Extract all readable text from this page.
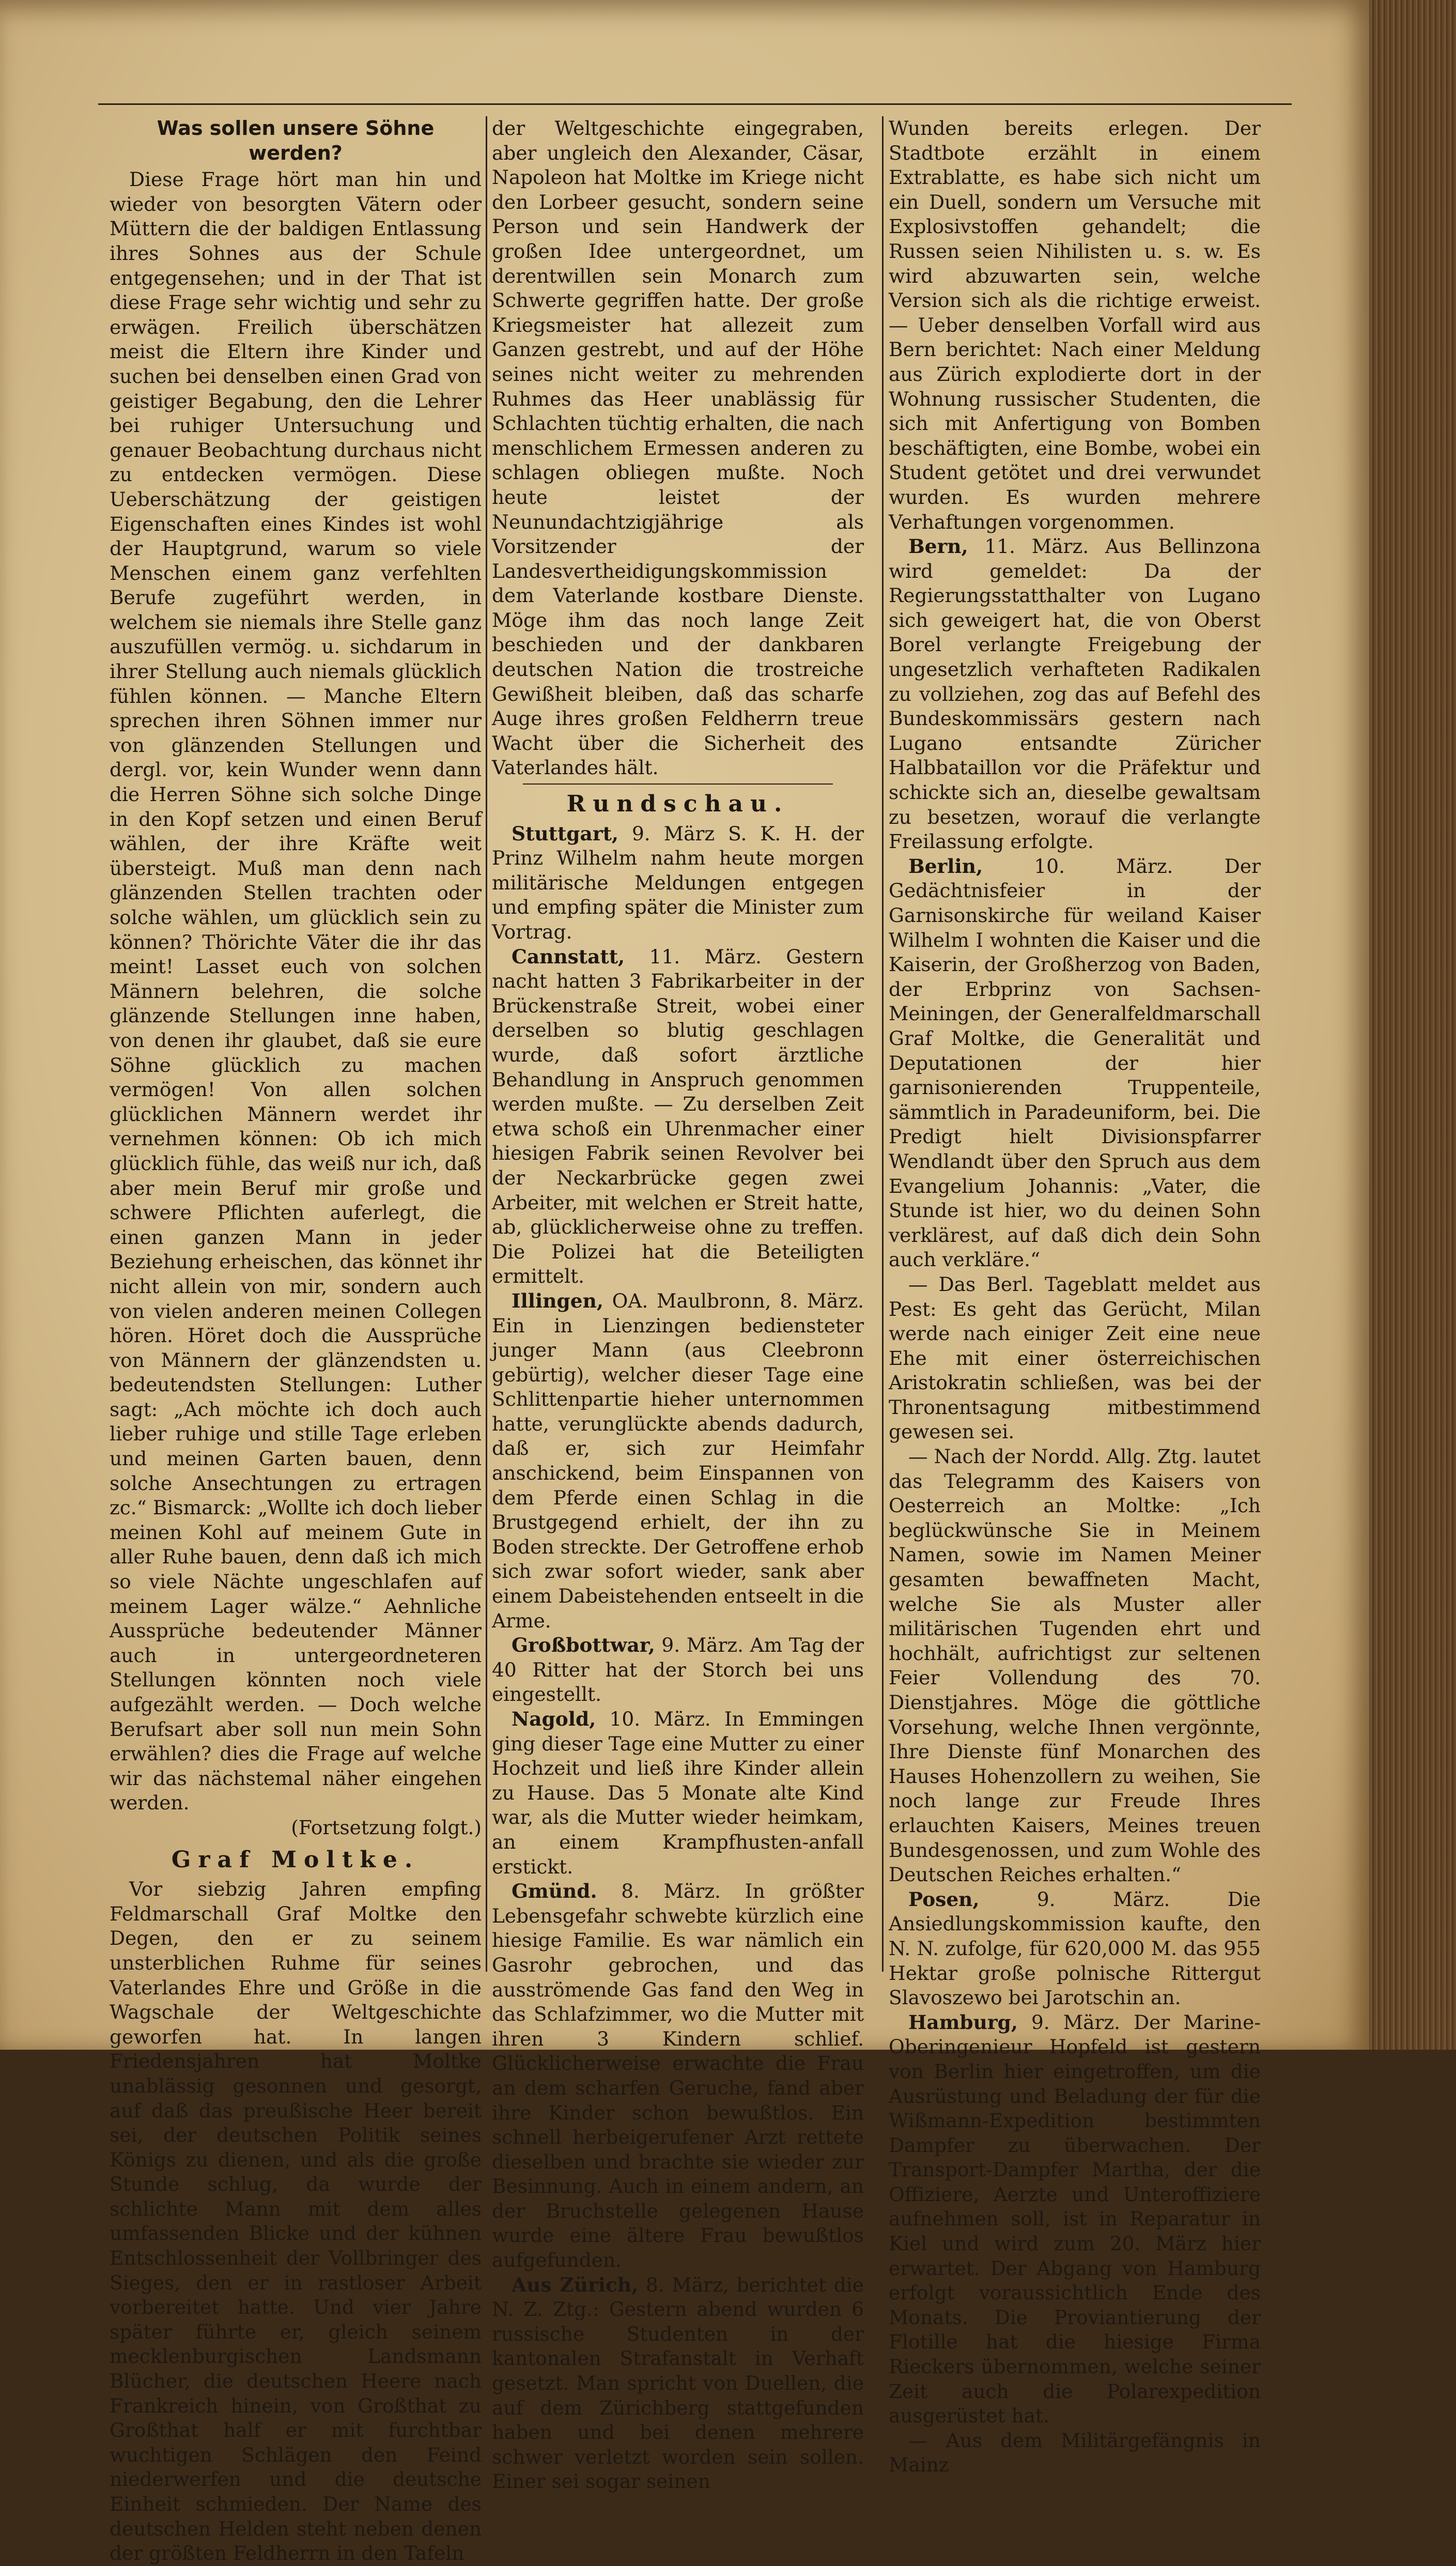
Was sollen unsere Söhne werden?

Diese Frage hört man hin und wieder von besorgten Vätern oder Müttern die der baldigen Entlassung ihres Sohnes aus der Schule entgegensehen; und in der That ist diese Frage sehr wichtig und sehr zu erwägen. Freilich überschätzen meist die Eltern ihre Kinder und suchen bei denselben einen Grad von geistiger Begabung, den die Lehrer bei ruhiger Untersuchung und genauer Beobachtung durchaus nicht zu entdecken vermögen. Diese Ueberschätzung der geistigen Eigenschaften eines Kindes ist wohl der Hauptgrund, warum so viele Menschen einem ganz verfehlten Berufe zugeführt werden, in welchem sie niemals ihre Stelle ganz auszufüllen vermög. u. sichdarum in ihrer Stellung auch niemals glücklich fühlen können. — Manche Eltern sprechen ihren Söhnen immer nur von glänzenden Stellungen und dergl. vor, kein Wunder wenn dann die Herren Söhne sich solche Dinge in den Kopf setzen und einen Beruf wählen, der ihre Kräfte weit übersteigt. Muß man denn nach glänzenden Stellen trachten oder solche wählen, um glücklich sein zu können? Thörichte Väter die ihr das meint! Lasset euch von solchen Männern belehren, die solche glänzende Stellungen inne haben, von denen ihr glaubet, daß sie eure Söhne glücklich zu machen vermögen! Von allen solchen glücklichen Männern werdet ihr vernehmen können: Ob ich mich glücklich fühle, das weiß nur ich, daß aber mein Beruf mir große und schwere Pflichten auferlegt, die einen ganzen Mann in jeder Beziehung erheischen, das könnet ihr nicht allein von mir, sondern auch von vielen anderen meinen Collegen hören. Höret doch die Aussprüche von Männern der glänzendsten u. bedeutendsten Stellungen: Luther sagt: „Ach möchte ich doch auch lieber ruhige und stille Tage erleben und meinen Garten bauen, denn solche Ansechtungen zu ertragen zc.“ Bismarck: „Wollte ich doch lieber meinen Kohl auf meinem Gute in aller Ruhe bauen, denn daß ich mich so viele Nächte ungeschlafen auf meinem Lager wälze.“ Aehnliche Aussprüche bedeutender Männer auch in untergeordneteren Stellungen könnten noch viele aufgezählt werden. — Doch welche Berufsart aber soll nun mein Sohn erwählen? dies die Frage auf welche wir das nächstemal näher eingehen werden.

(Fortsetzung folgt.)

Graf Moltke.

Vor siebzig Jahren empfing Feldmarschall Graf Moltke den Degen, den er zu seinem unsterblichen Ruhme für seines Vaterlandes Ehre und Größe in die Wagschale der Weltgeschichte geworfen hat. In langen Friedensjahren hat Moltke unablässig gesonnen und gesorgt, auf daß das preußische Heer bereit sei, der deutschen Politik seines Königs zu dienen, und als die große Stunde schlug, da wurde der schlichte Mann mit dem alles umfassenden Blicke und der kühnen Entschlossenheit der Vollbringer des Sieges, den er in rastloser Arbeit vorbereitet hatte. Und vier Jahre später führte er, gleich seinem mecklenburgischen Landsmann Blücher, die deutschen Heere nach Frankreich hinein, von Großthat zu Großthat half er mit furchtbar wuchtigen Schlägen den Feind niederwerfen und die deutsche Einheit schmieden. Der Name des deutschen Helden steht neben denen der größten Feldherrn in den Tafeln

der Weltgeschichte eingegraben, aber ungleich den Alexander, Cäsar, Napoleon hat Moltke im Kriege nicht den Lorbeer gesucht, sondern seine Person und sein Handwerk der großen Idee untergeordnet, um derentwillen sein Monarch zum Schwerte gegriffen hatte. Der große Kriegsmeister hat allezeit zum Ganzen gestrebt, und auf der Höhe seines nicht weiter zu mehrenden Ruhmes das Heer unablässig für Schlachten tüchtig erhalten, die nach menschlichem Ermessen anderen zu schlagen obliegen mußte. Noch heute leistet der Neunundachtzigjährige als Vorsitzender der Landesvertheidigungskommission dem Vaterlande kostbare Dienste. Möge ihm das noch lange Zeit beschieden und der dankbaren deutschen Nation die trostreiche Gewißheit bleiben, daß das scharfe Auge ihres großen Feldherrn treue Wacht über die Sicherheit des Vaterlandes hält.

Rundschau.

Stuttgart, 9. März S. K. H. der Prinz Wilhelm nahm heute morgen militärische Meldungen entgegen und empfing später die Minister zum Vortrag.

Cannstatt, 11. März. Gestern nacht hatten 3 Fabrikarbeiter in der Brückenstraße Streit, wobei einer derselben so blutig geschlagen wurde, daß sofort ärztliche Behandlung in Anspruch genommen werden mußte. — Zu derselben Zeit etwa schoß ein Uhrenmacher einer hiesigen Fabrik seinen Revolver bei der Neckarbrücke gegen zwei Arbeiter, mit welchen er Streit hatte, ab, glücklicherweise ohne zu treffen. Die Polizei hat die Beteiligten ermittelt.

Illingen, OA. Maulbronn, 8. März. Ein in Lienzingen bediensteter junger Mann (aus Cleebronn gebürtig), welcher dieser Tage eine Schlittenpartie hieher unternommen hatte, verunglückte abends dadurch, daß er, sich zur Heimfahr anschickend, beim Einspannen von dem Pferde einen Schlag in die Brustgegend erhielt, der ihn zu Boden streckte. Der Getroffene erhob sich zwar sofort wieder, sank aber einem Dabeistehenden entseelt in die Arme.

Großbottwar, 9. März. Am Tag der 40 Ritter hat der Storch bei uns eingestellt.

Nagold, 10. März. In Emmingen ging dieser Tage eine Mutter zu einer Hochzeit und ließ ihre Kinder allein zu Hause. Das 5 Monate alte Kind war, als die Mutter wieder heimkam, an einem Krampfhusten-anfall erstickt.

Gmünd. 8. März. In größter Lebensgefahr schwebte kürzlich eine hiesige Familie. Es war nämlich ein Gasrohr gebrochen, und das ausströmende Gas fand den Weg in das Schlafzimmer, wo die Mutter mit ihren 3 Kindern schlief. Glücklicherweise erwachte die Frau an dem scharfen Geruche, fand aber ihre Kinder schon bewußtlos. Ein schnell herbeigerufener Arzt rettete dieselben und brachte sie wieder zur Besinnung. Auch in einem andern, an der Bruchstelle gelegenen Hause wurde eine ältere Frau bewußtlos aufgefunden.

Aus Zürich, 8. März, berichtet die N. Z. Ztg.: Gestern abend wurden 6 russische Studenten in der kantonalen Strafanstalt in Verhaft gesetzt. Man spricht von Duellen, die auf dem Zürichberg stattgefunden haben und bei denen mehrere schwer verletzt worden sein sollen. Einer sei sogar seinen

Wunden bereits erlegen. Der Stadtbote erzählt in einem Extrablatte, es habe sich nicht um ein Duell, sondern um Versuche mit Explosivstoffen gehandelt; die Russen seien Nihilisten u. s. w. Es wird abzuwarten sein, welche Version sich als die richtige erweist. — Ueber denselben Vorfall wird aus Bern berichtet: Nach einer Meldung aus Zürich explodierte dort in der Wohnung russischer Studenten, die sich mit Anfertigung von Bomben beschäftigten, eine Bombe, wobei ein Student getötet und drei verwundet wurden. Es wurden mehrere Verhaftungen vorgenommen.

Bern, 11. März. Aus Bellinzona wird gemeldet: Da der Regierungsstatthalter von Lugano sich geweigert hat, die von Oberst Borel verlangte Freigebung der ungesetzlich verhafteten Radikalen zu vollziehen, zog das auf Befehl des Bundeskommissärs gestern nach Lugano entsandte Züricher Halbbataillon vor die Präfektur und schickte sich an, dieselbe gewaltsam zu besetzen, worauf die verlangte Freilassung erfolgte.

Berlin,	10. März. Der Gedächtnisfeier in der Garnisonskirche für weiland Kaiser Wilhelm I wohnten die Kaiser und die Kaiserin, der Großherzog von Baden, der Erbprinz von Sachsen-Meiningen, der Generalfeldmarschall Graf Moltke, die Generalität und Deputationen der hier garnisonierenden Truppenteile, sämmtlich in Paradeuniform, bei. Die Predigt hielt Divisionspfarrer Wendlandt über den Spruch aus dem Evangelium Johannis: „Vater, die Stunde ist hier, wo du deinen Sohn verklärest, auf daß dich dein Sohn auch verkläre.“

— Das Berl. Tageblatt meldet aus Pest: Es geht das Gerücht, Milan werde nach einiger Zeit eine neue Ehe mit einer österreichischen Aristokratin schließen, was bei der Thronentsagung mitbestimmend gewesen sei.

— Nach der Nordd. Allg. Ztg. lautet das Telegramm des Kaisers von Oesterreich an Moltke: „Ich beglückwünsche Sie in Meinem Namen, sowie im Namen Meiner gesamten bewaffneten Macht, welche Sie als Muster aller militärischen Tugenden ehrt und hochhält, aufrichtigst zur seltenen Feier Vollendung des 70. Dienstjahres. Möge die göttliche Vorsehung, welche Ihnen vergönnte, Ihre Dienste fünf Monarchen des Hauses Hohenzollern zu weihen, Sie noch lange zur Freude Ihres erlauchten Kaisers, Meines treuen Bundesgenossen, und zum Wohle des Deutschen Reiches erhalten.“

Posen,	9. März. Die Ansiedlungskommission kaufte, den N. N. zufolge, für 620,000 M. das 955 Hektar große polnische Rittergut Slavoszewo bei Jarotschin an.

Hamburg, 9. März. Der Marine-Oberingenieur Hopfeld ist gestern von Berlin hier eingetroffen, um die Ausrüstung und Beladung der für die Wißmann-Expedition bestimmten Dampfer zu überwachen. Der Transport-Dampfer Martha, der die Offiziere, Aerzte und Unteroffiziere aufnehmen soll, ist in Reparatur in Kiel und wird zum 20. März hier erwartet. Der Abgang von Hamburg erfolgt voraussichtlich Ende des Monats. Die Proviantierung der Flotille hat die hiesige Firma Rieckers übernommen, welche seiner Zeit auch die Polarexpedition ausgerüstet hat.

— Aus dem Militärgefängnis in Mainz
